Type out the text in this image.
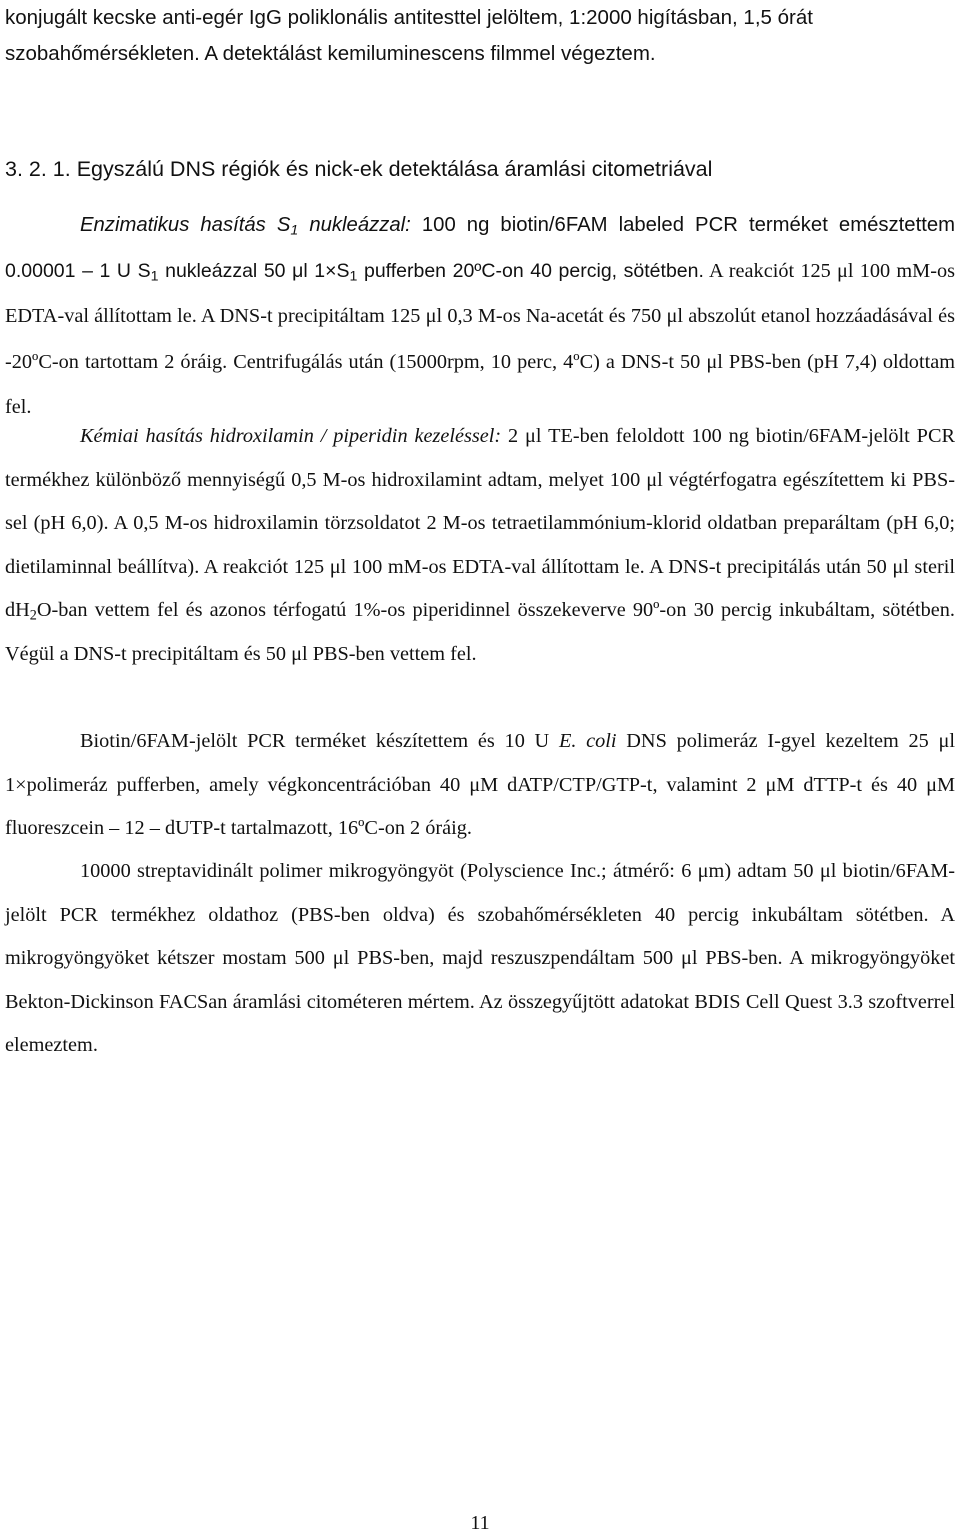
konjugált kecske anti-egér IgG poliklonális antitesttel jelöltem, 1:2000 higításban, 1,5 órát
szobahőmérsékleten. A detektálást kemiluminescens filmmel végeztem.
3. 2. 1. Egyszálú DNS régiók és nick-ek detektálása áramlási citometriával

Enzimatikus hasítás $S_1$ nukleázzal: 100 ng biotin/6FAM labeled PCR terméket emésztettem 0.00001 – 1 U $S_1$ nukleázzal 50 μl $1\times S_1$ pufferben 20ºC-on 40 percig, sötétben. A reakciót 125 μl 100 mM-os EDTA-val állítottam le. A DNS-t precipitáltam 125 μl 0,3 M-os Na-acetát és 750 μl abszolút etanol hozzáadásával és -20ºC-on tartottam 2 óráig. Centrifugálás után (15000rpm, 10 perc, 4ºC) a DNS-t 50 μl PBS-ben (pH 7,4) oldottam fel.

Kémiai hasítás hidroxilamin / piperidin kezeléssel: 2 μl TE-ben feloldott 100 ng biotin/6FAM-jelölt PCR termékhez különböző mennyiségű 0,5 M-os hidroxilamint adtam, melyet 100 μl végtérfogatra egészítettem ki PBS-sel (pH 6,0). A 0,5 M-os hidroxilamin törzsoldatot 2 M-os tetraetilammónium-klorid oldatban preparáltam (pH 6,0; dietilaminnal beállítva). A reakciót 125 μl 100 mM-os EDTA-val állítottam le. A DNS-t precipitálás után 50 μl steril $dH_2O$-ban vettem fel és azonos térfogatú 1%-os piperidinnel összekeverve 90º-on 30 percig inkubáltam, sötétben. Végül a DNS-t precipitáltam és 50 μl PBS-ben vettem fel.

Biotin/6FAM-jelölt PCR terméket készítettem és 10 U E. coli DNS polimeráz I-gyel kezeltem 25 μl 1×polimeráz pufferben, amely végkoncentrációban 40 μM dATP/CTP/GTP-t, valamint 2 μM dTTP-t és 40 μM fluoreszcein – 12 – dUTP-t tartalmazott, 16ºC-on 2 óráig.

10000 streptavidinált polimer mikrogyöngyöt (Polyscience Inc.; átmérő: 6 μm) adtam 50 μl biotin/6FAM-jelölt PCR termékhez oldathoz (PBS-ben oldva) és szobahőmérsékleten 40 percig inkubáltam sötétben. A mikrogyöngyöket kétszer mostam 500 μl PBS-ben, majd reszuszpendáltam 500 μl PBS-ben. A mikrogyöngyöket Bekton-Dickinson FACSan áramlási citométeren mértem. Az összegyűjtött adatokat BDIS Cell Quest 3.3 szoftverrel elemeztem.

11
